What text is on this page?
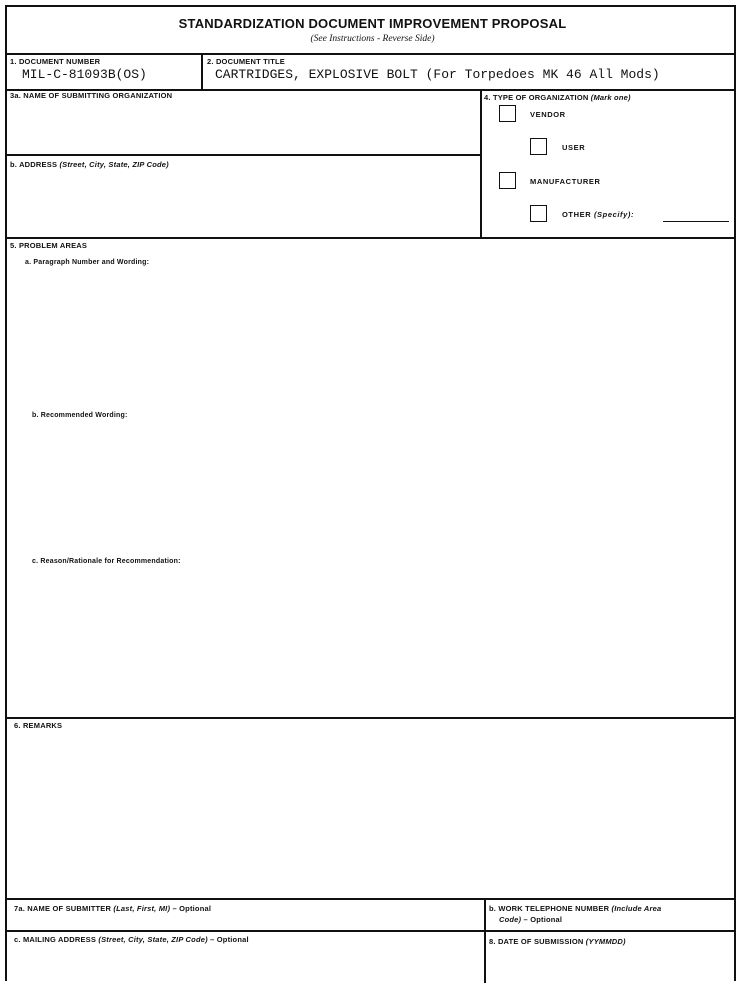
STANDARDIZATION DOCUMENT IMPROVEMENT PROPOSAL
(See Instructions - Reverse Side)
1. DOCUMENT NUMBER
MIL-C-81093B(OS)
2. DOCUMENT TITLE
CARTRIDGES, EXPLOSIVE BOLT (For Torpedoes MK 46 All Mods)
3a. NAME OF SUBMITTING ORGANIZATION
b. ADDRESS (Street, City, State, ZIP Code)
4. TYPE OF ORGANIZATION (Mark one)
VENDOR
USER
MANUFACTURER
OTHER (Specify):
5. PROBLEM AREAS
a. Paragraph Number and Wording:
b. Recommended Wording:
c. Reason/Rationale for Recommendation:
6. REMARKS
7a. NAME OF SUBMITTER (Last, First, MI) – Optional	b. WORK TELEPHONE NUMBER (Include Area
Code) – Optional
c. MAILING ADDRESS (Street, City, State, ZIP Code) – Optional	8. DATE OF SUBMISSION (YYMMDD)
